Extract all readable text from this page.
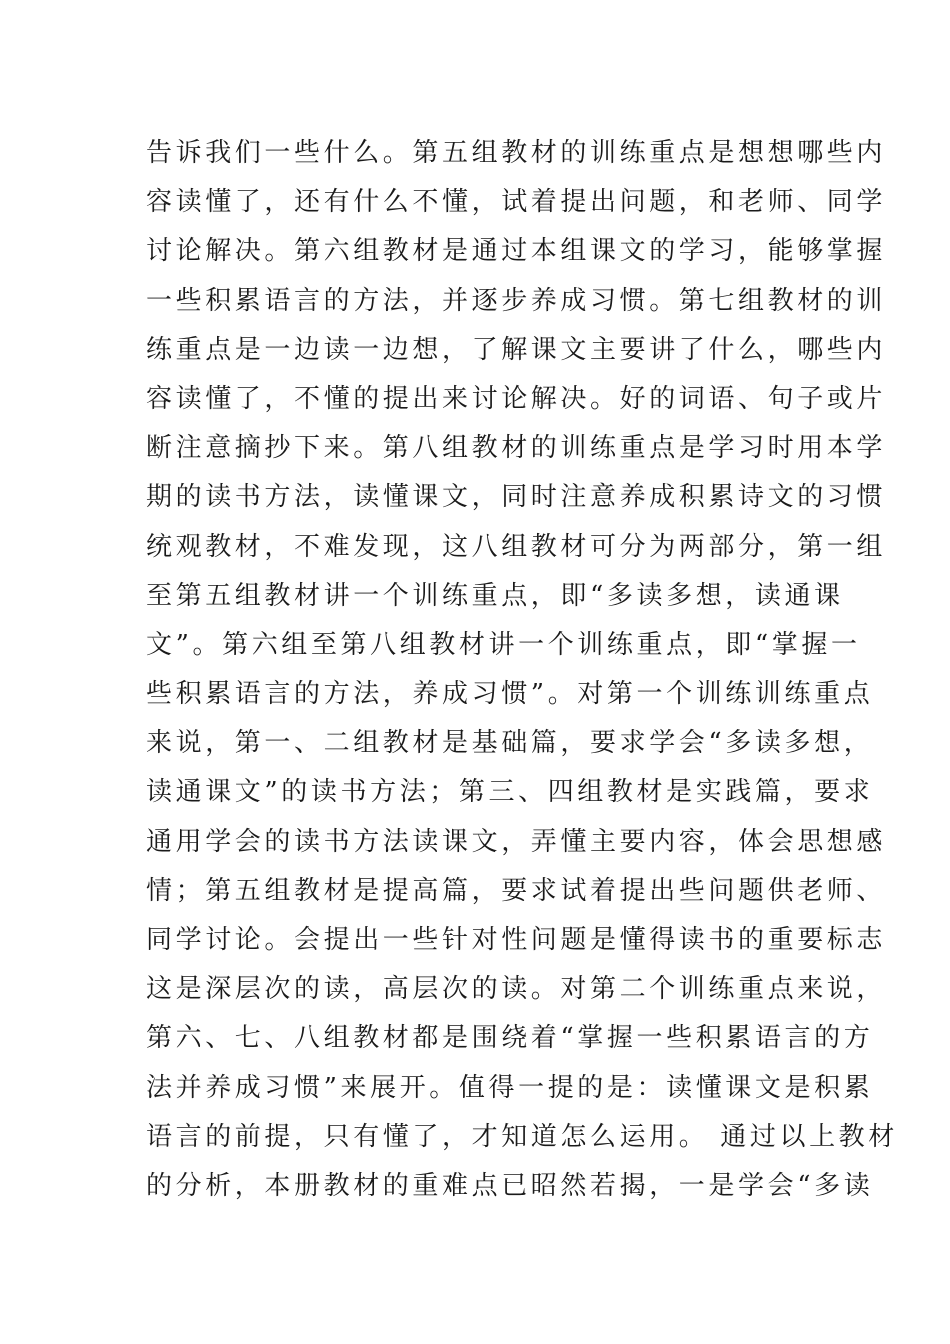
告诉我们一些什么。第五组教材的训练重点是想想哪些内
容读懂了，还有什么不懂，试着提出问题，和老师、同学
讨论解决。第六组教材是通过本组课文的学习，能够掌握
一些积累语言的方法，并逐步养成习惯。第七组教材的训
练重点是一边读一边想，了解课文主要讲了什么，哪些内
容读懂了，不懂的提出来讨论解决。好的词语、句子或片
断注意摘抄下来。第八组教材的训练重点是学习时用本学
期的读书方法，读懂课文，同时注意养成积累诗文的习惯
统观教材，不难发现，这八组教材可分为两部分，第一组
至第五组教材讲一个训练重点，即“多读多想，读通课
文”。第六组至第八组教材讲一个训练重点，即“掌握一
些积累语言的方法，养成习惯”。对第一个训练训练重点
来说，第一、二组教材是基础篇，要求学会“多读多想，
读通课文”的读书方法；第三、四组教材是实践篇，要求
通用学会的读书方法读课文，弄懂主要内容，体会思想感
情；第五组教材是提高篇，要求试着提出些问题供老师、
同学讨论。会提出一些针对性问题是懂得读书的重要标志
这是深层次的读，高层次的读。对第二个训练重点来说，
第六、七、八组教材都是围绕着“掌握一些积累语言的方
法并养成习惯”来展开。值得一提的是：读懂课文是积累
语言的前提，只有懂了，才知道怎么运用。 通过以上教材
的分析，本册教材的重难点已昭然若揭，一是学会“多读
